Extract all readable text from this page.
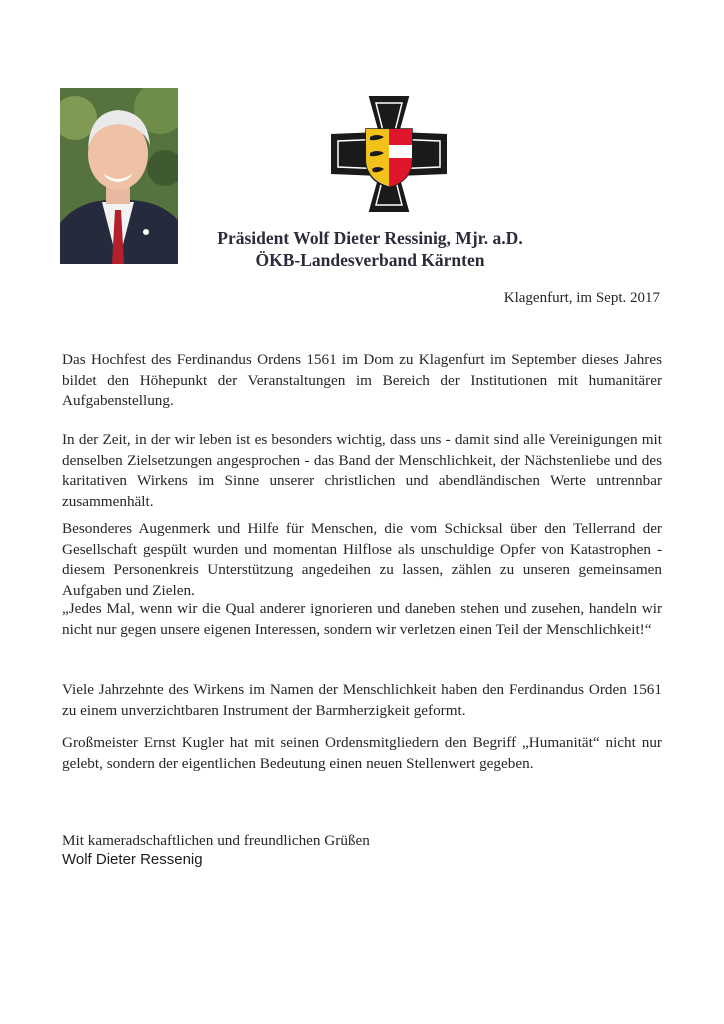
Präsident Wolf Dieter Ressinig, Mjr. a.D.
ÖKB-Landesverband Kärnten
Klagenfurt, im Sept. 2017

Das Hochfest des Ferdinandus Ordens 1561 im Dom zu Klagenfurt im September dieses Jahres bildet den Höhepunkt der Veranstaltungen im Bereich der Institutionen mit humanitärer Aufgabenstellung.

In der Zeit, in der wir leben ist es besonders wichtig, dass uns - damit sind alle Vereinigungen mit denselben Zielsetzungen angesprochen - das Band der Menschlichkeit, der Nächstenliebe und des karitativen Wirkens im Sinne unserer christlichen und abendländischen Werte untrennbar zusammenhält.

Besonderes Augenmerk und Hilfe für Menschen, die vom Schicksal über den Tellerrand der Gesellschaft gespült wurden und momentan Hilflose als unschuldige Opfer von Katastrophen - diesem Personenkreis Unterstützung angedeihen zu lassen, zählen zu unseren gemeinsamen Aufgaben und Zielen.

„Jedes Mal, wenn wir die Qual anderer ignorieren und daneben stehen und zusehen, handeln wir nicht nur gegen unsere eigenen Interessen, sondern wir verletzen einen Teil der Menschlichkeit!“

Viele Jahrzehnte des Wirkens im Namen der Menschlichkeit haben den Ferdinandus Orden 1561 zu einem unverzichtbaren Instrument der Barmherzigkeit geformt.

Großmeister Ernst Kugler hat mit seinen Ordensmitgliedern den Begriff „Humanität“ nicht nur gelebt, sondern der eigentlichen Bedeutung einen neuen Stellenwert gegeben.

Mit kameradschaftlichen und freundlichen Grüßen
Wolf Dieter Ressenig
